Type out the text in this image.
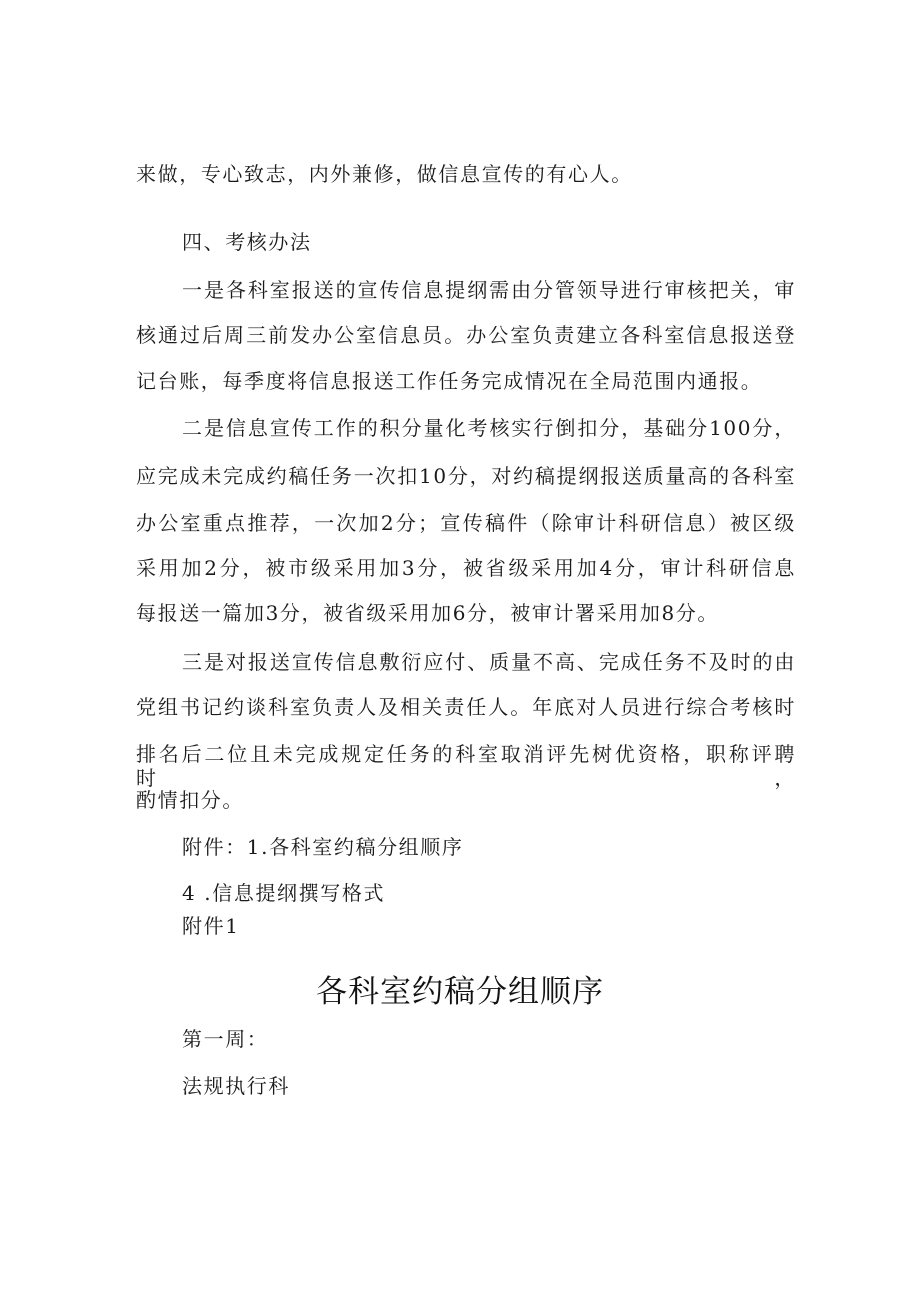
来做，专心致志，内外兼修，做信息宣传的有心人。
四、考核办法
一是各科室报送的宣传信息提纲需由分管领导进行审核把关，审
核通过后周三前发办公室信息员。办公室负责建立各科室信息报送登
记台账，每季度将信息报送工作任务完成情况在全局范围内通报。
二是信息宣传工作的积分量化考核实行倒扣分，基础分100分，
应完成未完成约稿任务一次扣10分，对约稿提纲报送质量高的各科室
办公室重点推荐，一次加2分；宣传稿件（除审计科研信息）被区级
采用加2分，被市级采用加3分，被省级采用加4分，审计科研信息
每报送一篇加3分，被省级采用加6分，被审计署采用加8分。
三是对报送宣传信息敷衍应付、质量不高、完成任务不及时的由
党组书记约谈科室负责人及相关责任人。年底对人员进行综合考核时
排名后二位且未完成规定任务的科室取消评先树优资格，职称评聘时，
酌情扣分。
附件：1.各科室约稿分组顺序
4 .信息提纲撰写格式
附件1
各科室约稿分组顺序
第一周：
法规执行科
